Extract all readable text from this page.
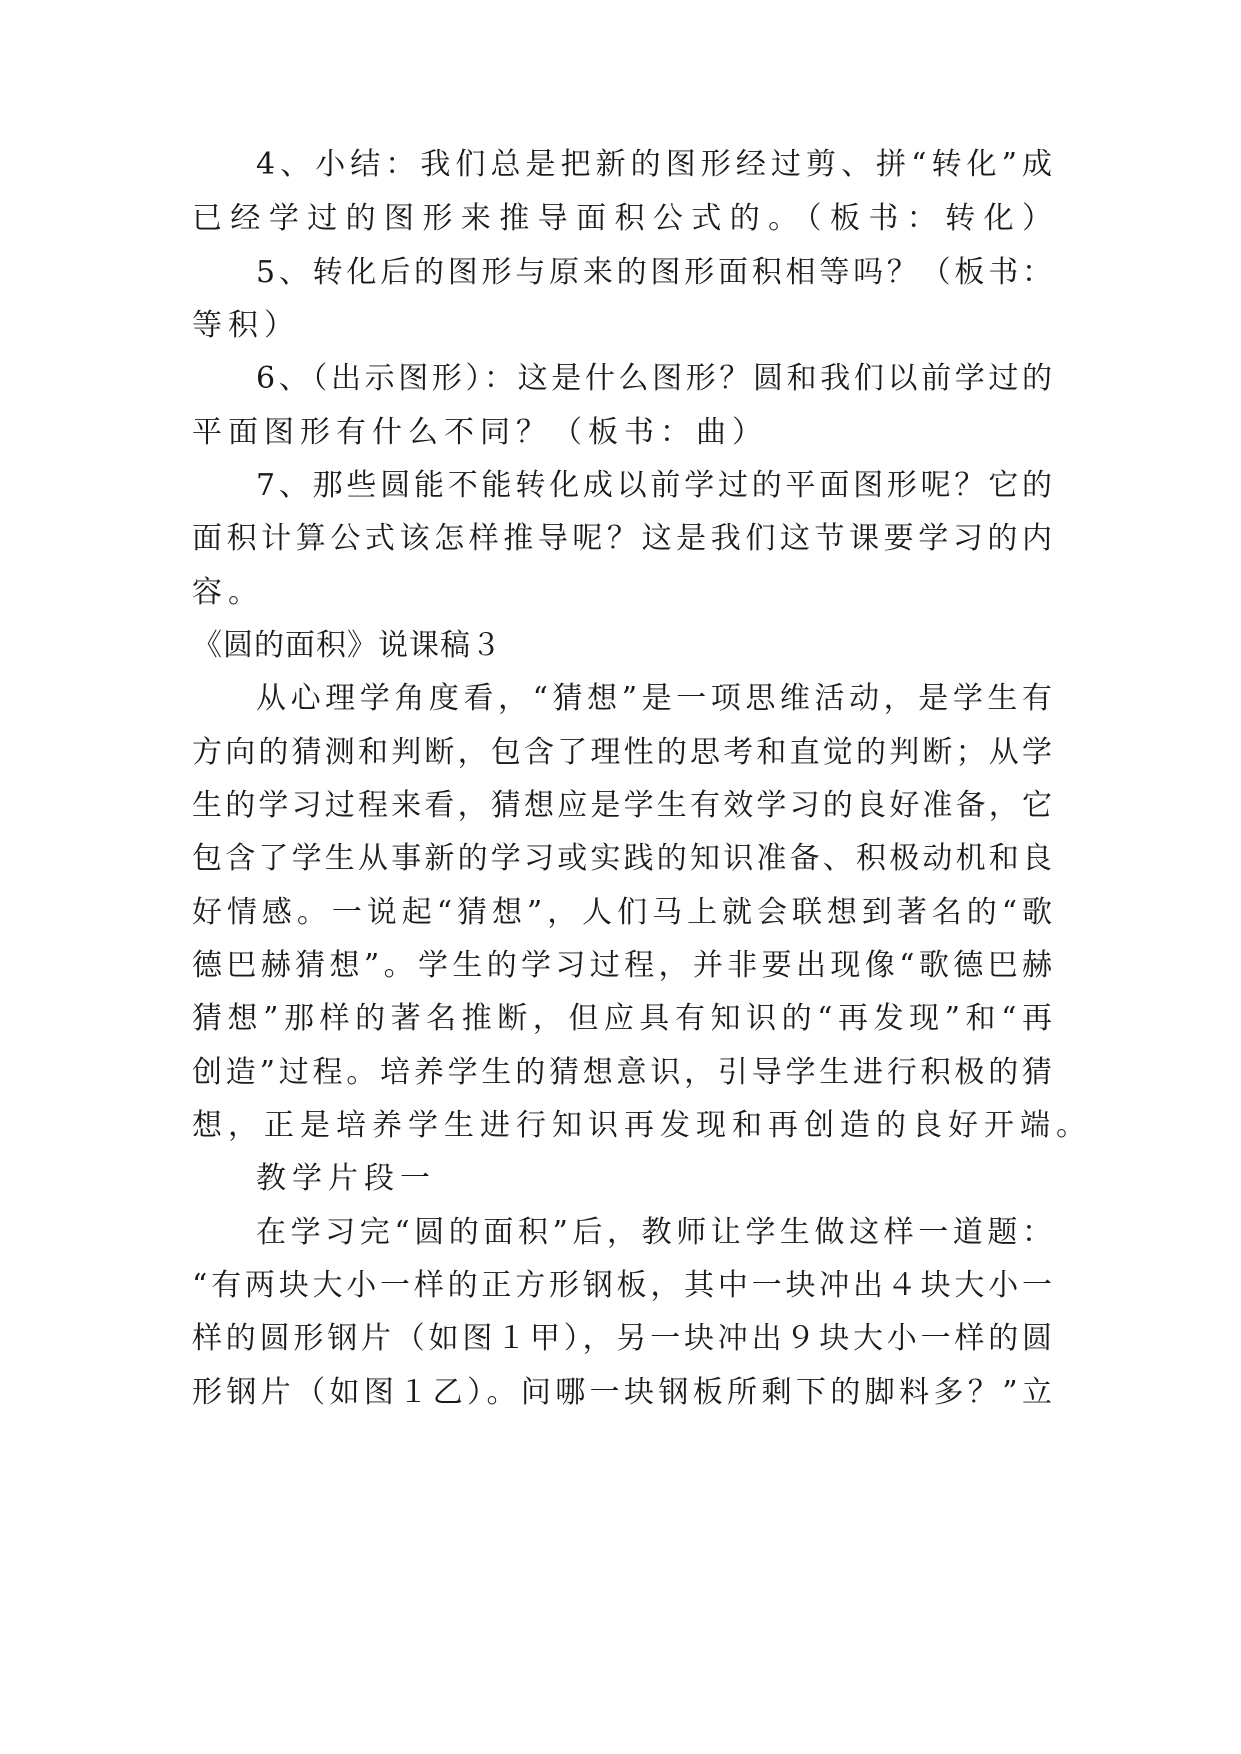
4、小结：我们总是把新的图形经过剪、拼“转化”成
已经学过的图形来推导面积公式的。（板书：转化）
5、转化后的图形与原来的图形面积相等吗？（板书：
等积）
6、（出示图形）：这是什么图形？圆和我们以前学过的
平面图形有什么不同？（板书：曲）
7、那些圆能不能转化成以前学过的平面图形呢？它的
面积计算公式该怎样推导呢？这是我们这节课要学习的内
容。
《圆的面积》说课稿３
从心理学角度看，“猜想”是一项思维活动，是学生有
方向的猜测和判断，包含了理性的思考和直觉的判断；从学
生的学习过程来看，猜想应是学生有效学习的良好准备，它
包含了学生从事新的学习或实践的知识准备、积极动机和良
好情感。一说起“猜想”，人们马上就会联想到著名的“歌
德巴赫猜想”。学生的学习过程，并非要出现像“歌德巴赫
猜想”那样的著名推断，但应具有知识的“再发现”和“再
创造”过程。培养学生的猜想意识，引导学生进行积极的猜
想，正是培养学生进行知识再发现和再创造的良好开端。
教学片段一
在学习完“圆的面积”后，教师让学生做这样一道题：
“有两块大小一样的正方形钢板，其中一块冲出４块大小一
样的圆形钢片（如图１甲），另一块冲出９块大小一样的圆
形钢片（如图１乙）。问哪一块钢板所剩下的脚料多？”立
